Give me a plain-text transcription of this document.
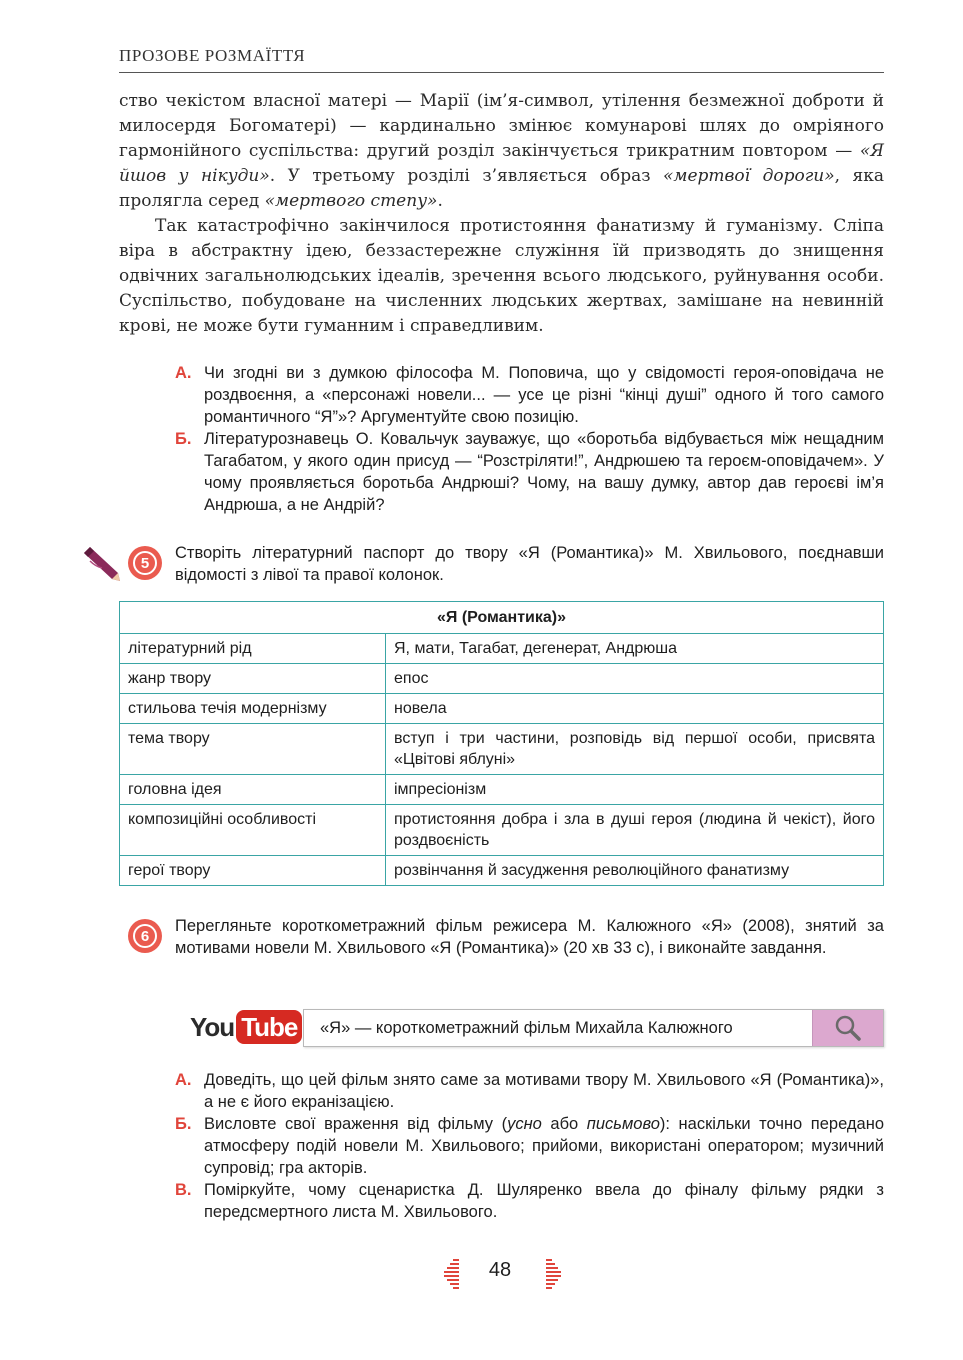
ПРОЗОВЕ РОЗМАЇТТЯ

ство чекістом власної матері — Марії (ім’я-символ, утілення безмежної доброти й милосердя Богоматері) — кардинально змінює комунарові шлях до омріяного гармонійного суспільства: другий розділ закінчується трикратним повтором — «Я йшов у нікуди». У третьому розділі з’являється образ «мертвої дороги», яка пролягла серед «мертвого степу».

Так катастрофічно закінчилося протистояння фанатизму й гуманізму. Сліпа віра в абстрактну ідею, беззастережне служіння їй призводять до знищення одвічних загальнолюдських ідеалів, зречення всього людського, руйнування особи. Суспільство, побудоване на численних людських жертвах, замішане на невинній крові, не може бути гуманним і справедливим.

А. Чи згодні ви з думкою філософа М. Поповича, що у свідомості героя-оповідача не роздвоєння, а «персонажі новели... — усе це різні “кінці душі” одного й того самого романтичного “Я”»? Аргументуйте свою позицію.
Б. Літературознавець О. Ковальчук зауважує, що «боротьба відбувається між нещадним Тагабатом, у якого один присуд — “Розстріляти!”, Андрюшею та героєм-оповідачем». У чому проявляється боротьба Андрюші? Чому, на вашу думку, автор дав героєві ім’я Андрюша, а не Андрій?
5
Створіть літературний паспорт до твору «Я (Романтика)» М. Хвильового, поєднавши відомості з лівої та правої колонок.
«Я (Романтика)»	
літературний рід	Я, мати, Тагабат, дегенерат, Андрюша
жанр твору	епос
стильова течія модернізму	новела
тема твору	вступ і три частини, розповідь від першої особи, присвята «Цвітові яблуні»
головна ідея	імпресіонізм
композиційні особливості	протистояння добра і зла в душі героя (людина й чекіст), його роздвоєність
герої твору	розвінчання й засудження революційного фанатизму
6
Перегляньте короткометражний фільм режисера М. Калюжного «Я» (2008), знятий за мотивами новели М. Хвильового «Я (Романтика)» (20 хв 33 с), і виконайте завдання.
You Tube
«Я» — короткометражний фільм Михайла Калюжного
А. Доведіть, що цей фільм знято саме за мотивами твору М. Хвильового «Я (Романтика)», а не є його екранізацією.
Б. Висловте свої враження від фільму (усно або письмово): наскільки точно передано атмосферу подій новели М. Хвильового; прийоми, використані оператором; музичний супровід; гра акторів.
В. Поміркуйте, чому сценаристка Д. Шуляренко ввела до фіналу фільму рядки з передсмертного листа М. Хвильового.
48
